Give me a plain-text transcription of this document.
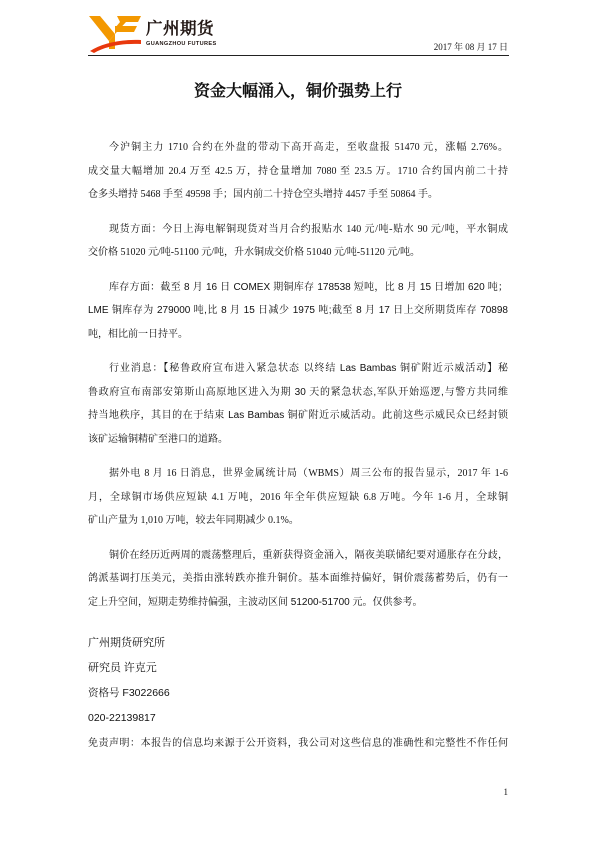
广州期货
GUANGZHOU FUTURES	2017 年 08 月 17 日
资金大幅涌入，铜价强势上行
今沪铜主力 1710 合约在外盘的带动下高开高走，至收盘报 51470 元，涨幅 2.76%。
成交量大幅增加 20.4 万至 42.5 万，持仓量增加 7080 至 23.5 万。1710 合约国内前二十持
仓多头增持 5468 手至 49598 手；国内前二十持仓空头增持 4457 手至 50864 手。
现货方面：今日上海电解铜现货对当月合约报贴水 140 元/吨-贴水 90 元/吨，平水铜成
交价格 51020 元/吨-51100 元/吨，升水铜成交价格 51040 元/吨-51120 元/吨。
库存方面：截至 8 月 16 日 COMEX 期铜库存 178538 短吨，比 8 月 15 日增加 620 吨；
LME 铜库存为 279000 吨,比 8 月 15 日减少 1975 吨;截至 8 月 17 日上交所期货库存 70898
吨，相比前一日持平。
行业消息：【秘鲁政府宣布进入紧急状态 以终结 Las Bambas 铜矿附近示威活动】秘
鲁政府宣布南部安第斯山高原地区进入为期 30 天的紧急状态,军队开始巡逻,与警方共同维
持当地秩序，其目的在于结束 Las Bambas 铜矿附近示威活动。此前这些示威民众已经封锁
该矿运输铜精矿至港口的道路。
据外电 8 月 16 日消息，世界金属统计局（WBMS）周三公布的报告显示，2017 年 1-6
月，全球铜市场供应短缺 4.1 万吨，2016 年全年供应短缺 6.8 万吨。今年 1-6 月，全球铜
矿山产量为 1,010 万吨，较去年同期减少 0.1%。
铜价在经历近两周的震荡整理后，重新获得资金涌入，隔夜美联储纪要对通胀存在分歧，
鸽派基调打压美元，美指由涨转跌亦推升铜价。基本面维持偏好，铜价震荡蓄势后，仍有一
定上升空间，短期走势维持偏强，主波动区间 51200-51700 元。仅供参考。
广州期货研究所
研究员 许克元
资格号 F3022666
020-22139817
免责声明：本报告的信息均来源于公开资料，我公司对这些信息的准确性和完整性不作任何
1
